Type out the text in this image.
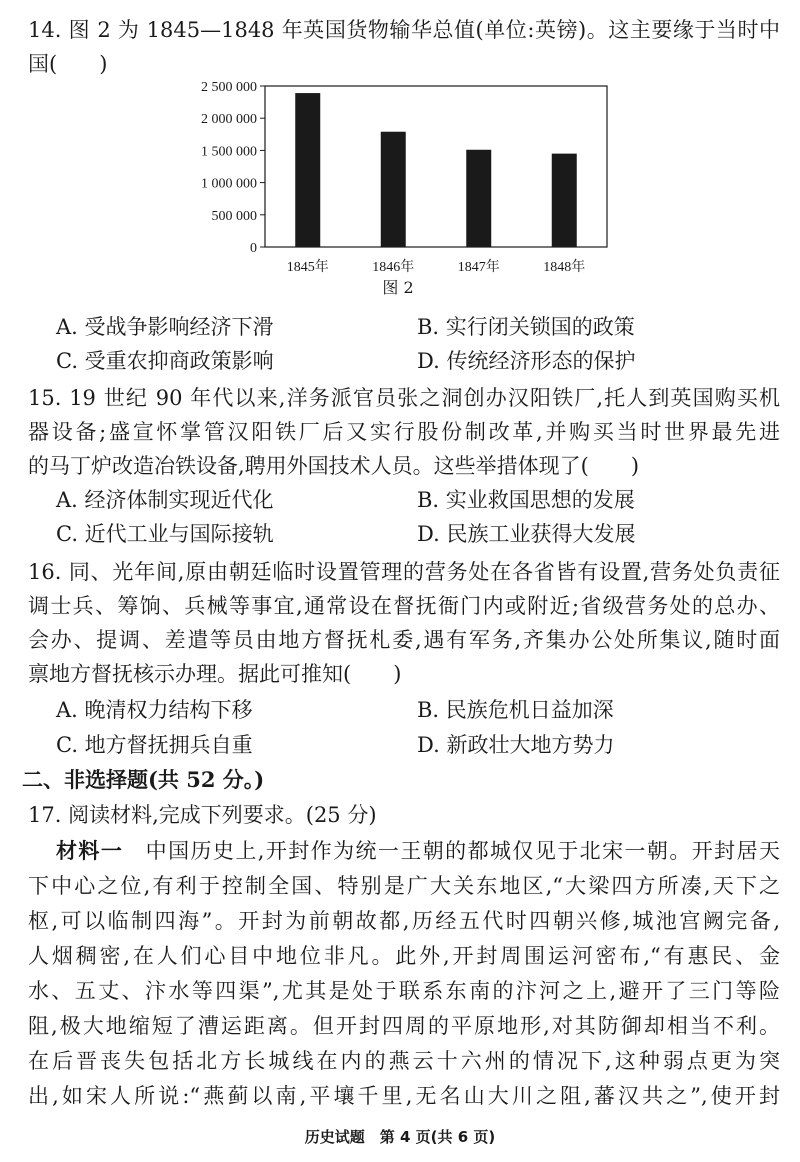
14. 图 2 为 1845—1848 年英国货物输华总值(单位:英镑)。这主要缘于当时中
国(　　)
0
500 000
1 000 000
1 500 000
2 000 000
2 500 000
1845年	1846年	1847年	1848年
图 2
A. 受战争影响经济下滑	B. 实行闭关锁国的政策
C. 受重农抑商政策影响	D. 传统经济形态的保护
15. 19 世纪 90 年代以来,洋务派官员张之洞创办汉阳铁厂,托人到英国购买机
器设备;盛宣怀掌管汉阳铁厂后又实行股份制改革,并购买当时世界最先进
的马丁炉改造冶铁设备,聘用外国技术人员。这些举措体现了(　　)
A. 经济体制实现近代化	B. 实业救国思想的发展
C. 近代工业与国际接轨	D. 民族工业获得大发展
16. 同、光年间,原由朝廷临时设置管理的营务处在各省皆有设置,营务处负责征
调士兵、筹饷、兵械等事宜,通常设在督抚衙门内或附近;省级营务处的总办、
会办、提调、差遣等员由地方督抚札委,遇有军务,齐集办公处所集议,随时面
禀地方督抚核示办理。据此可推知(　　)
A. 晚清权力结构下移	B. 民族危机日益加深
C. 地方督抚拥兵自重	D. 新政壮大地方势力
二、非选择题(共 52 分。)
17. 阅读材料,完成下列要求。(25 分)
材料一　中国历史上,开封作为统一王朝的都城仅见于北宋一朝。开封居天
下中心之位,有利于控制全国、特别是广大关东地区,“大梁四方所凑,天下之
枢,可以临制四海”。开封为前朝故都,历经五代时四朝兴修,城池宫阙完备,
人烟稠密,在人们心目中地位非凡。此外,开封周围运河密布,“有惠民、金
水、五丈、汴水等四渠”,尤其是处于联系东南的汴河之上,避开了三门等险
阻,极大地缩短了漕运距离。但开封四周的平原地形,对其防御却相当不利。
在后晋丧失包括北方长城线在内的燕云十六州的情况下,这种弱点更为突
出,如宋人所说:“燕蓟以南,平壤千里,无名山大川之阻,蕃汉共之”,使开封
历史试题　第 4 页(共 6 页)
